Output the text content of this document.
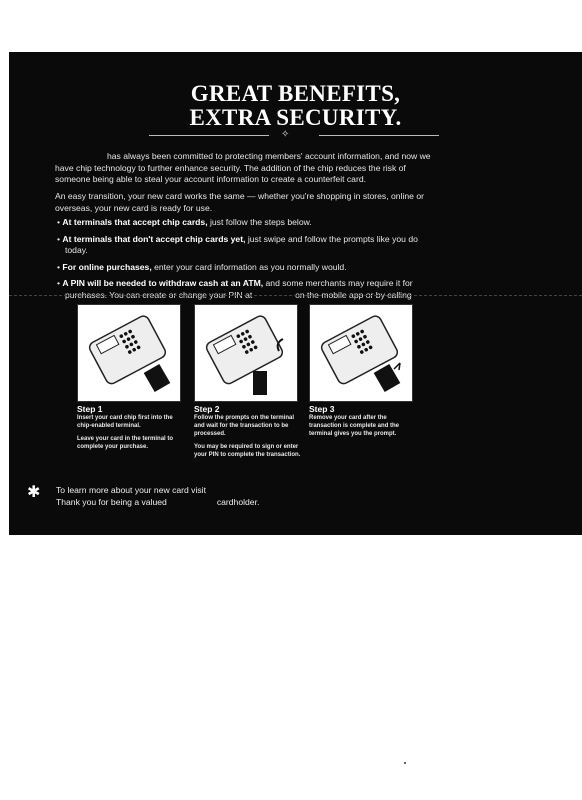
GREAT BENEFITS,
EXTRA SECURITY.
✧
has always been committed to protecting members' account information, and now we have chip technology to further enhance security. The addition of the chip reduces the risk of someone being able to steal your account information to create a counterfeit card.
An easy transition, your new card works the same — whether you're shopping in stores, online or overseas, your new card is ready for use.
• At terminals that accept chip cards, just follow the steps below.
• At terminals that don't accept chip cards yet, just swipe and follow the prompts like you do today.
• For online purchases, enter your card information as you normally would.
• A PIN will be needed to withdraw cash at an ATM, and some merchants may require it for purchases. You can create or change your PIN at	on the mobile app or by calling
Step 1

Insert your card chip first into the chip-enabled terminal.

Leave your card in the terminal to complete your purchase.

Step 2

Follow the prompts on the terminal and wait for the transaction to be processed.

You may be required to sign or enter your PIN to complete the transaction.

Step 3

Remove your card after the transaction is complete and the terminal gives you the prompt.

✱ To learn more about your new card visit
Thank you for being a valued	cardholder.
